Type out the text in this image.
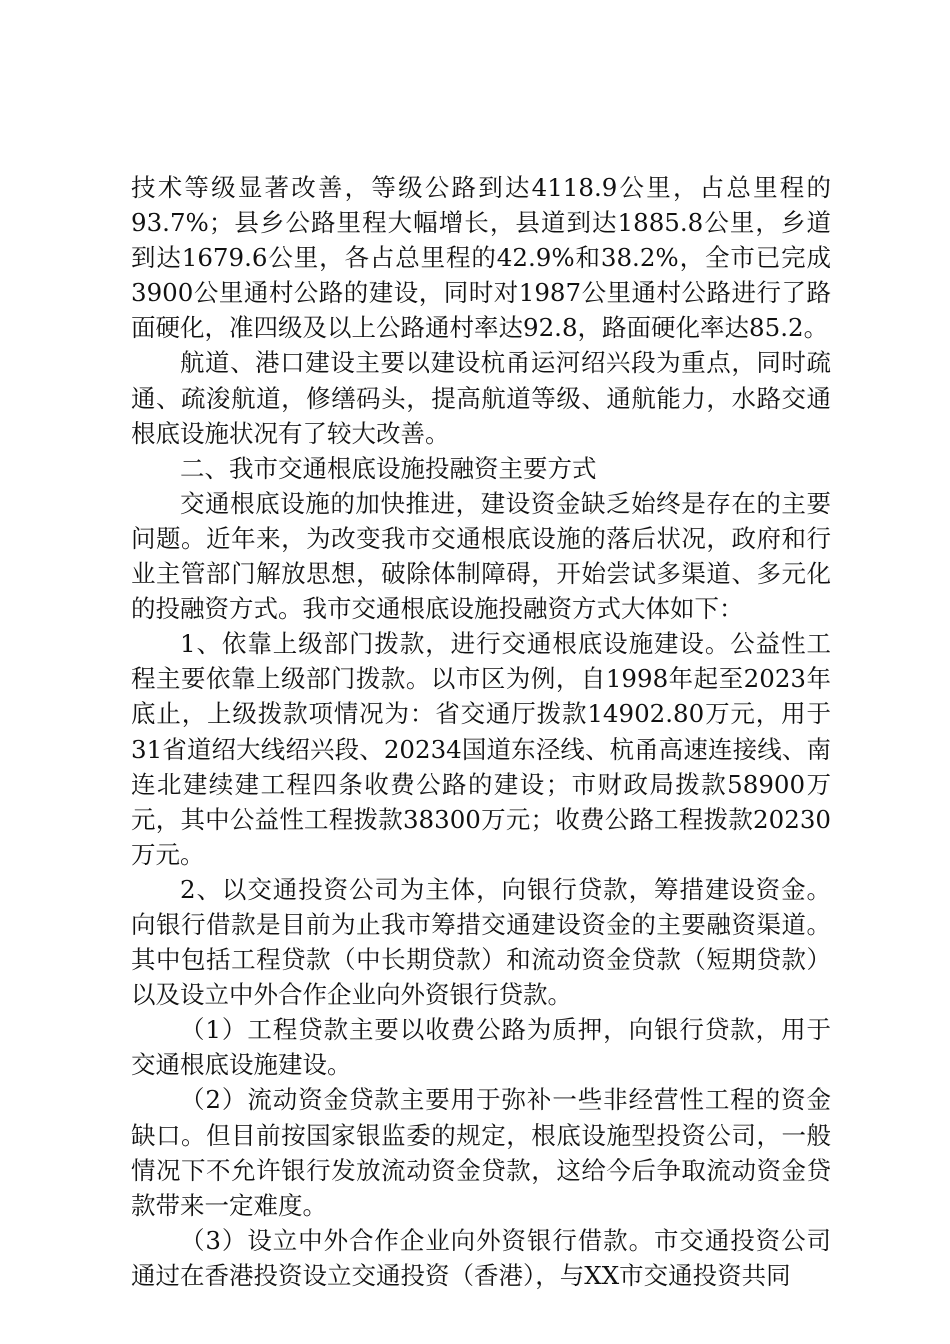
技术等级显著改善，等级公路到达4118.9公里，占总里程的93.7%；县乡公路里程大幅增长，县道到达1885.8公里，乡道到达1679.6公里，各占总里程的42.9%和38.2%，全市已完成3900公里通村公路的建设，同时对1987公里通村公路进行了路面硬化，准四级及以上公路通村率达92.8，路面硬化率达85.2。

航道、港口建设主要以建设杭甬运河绍兴段为重点，同时疏通、疏浚航道，修缮码头，提高航道等级、通航能力，水路交通根底设施状况有了较大改善。

二、我市交通根底设施投融资主要方式

交通根底设施的加快推进，建设资金缺乏始终是存在的主要问题。近年来，为改变我市交通根底设施的落后状况，政府和行业主管部门解放思想，破除体制障碍，开始尝试多渠道、多元化的投融资方式。我市交通根底设施投融资方式大体如下：

1、依靠上级部门拨款，进行交通根底设施建设。公益性工程主要依靠上级部门拨款。以市区为例，自1998年起至2023年底止，上级拨款项情况为：省交通厅拨款14902.80万元，用于31省道绍大线绍兴段、20234国道东泾线、杭甬高速连接线、南连北建续建工程四条收费公路的建设；市财政局拨款58900万元，其中公益性工程拨款38300万元；收费公路工程拨款20230万元。

2、以交通投资公司为主体，向银行贷款，筹措建设资金。向银行借款是目前为止我市筹措交通建设资金的主要融资渠道。其中包括工程贷款（中长期贷款）和流动资金贷款（短期贷款）以及设立中外合作企业向外资银行贷款。

（1）工程贷款主要以收费公路为质押，向银行贷款，用于交通根底设施建设。

（2）流动资金贷款主要用于弥补一些非经营性工程的资金缺口。但目前按国家银监委的规定，根底设施型投资公司，一般情况下不允许银行发放流动资金贷款，这给今后争取流动资金贷款带来一定难度。

（3）设立中外合作企业向外资银行借款。市交通投资公司通过在香港投资设立交通投资（香港），与XX市交通投资共同
